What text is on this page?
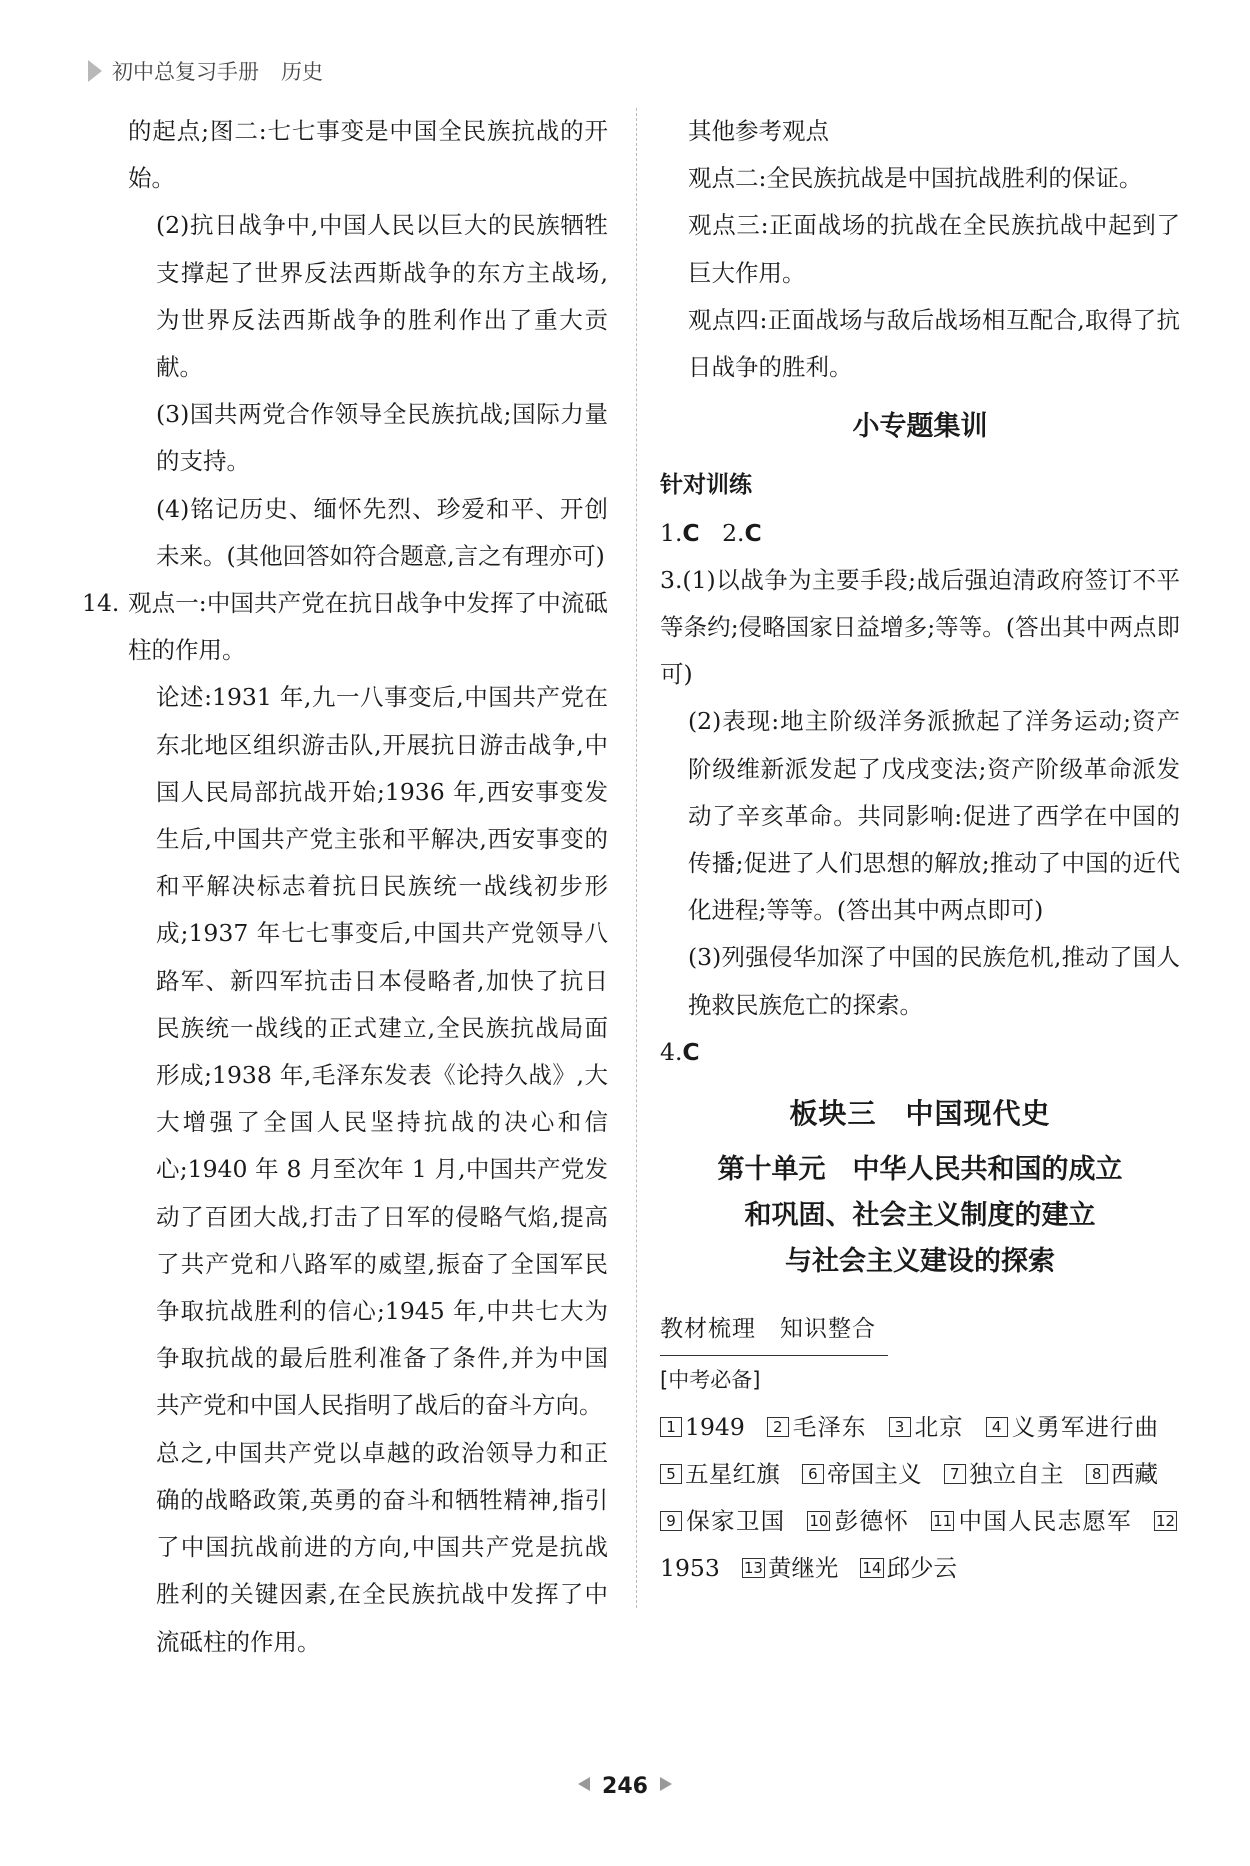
初中总复习手册 历史

的起点;图二:七七事变是中国全民族抗战的开始。

(2)抗日战争中,中国人民以巨大的民族牺牲支撑起了世界反法西斯战争的东方主战场,为世界反法西斯战争的胜利作出了重大贡献。

(3)国共两党合作领导全民族抗战;国际力量的支持。

(4)铭记历史、缅怀先烈、珍爱和平、开创未来。(其他回答如符合题意,言之有理亦可)

14. 观点一:中国共产党在抗日战争中发挥了中流砥柱的作用。

论述:1931 年,九一八事变后,中国共产党在东北地区组织游击队,开展抗日游击战争,中国人民局部抗战开始;1936 年,西安事变发生后,中国共产党主张和平解决,西安事变的和平解决标志着抗日民族统一战线初步形成;1937 年七七事变后,中国共产党领导八路军、新四军抗击日本侵略者,加快了抗日民族统一战线的正式建立,全民族抗战局面形成;1938 年,毛泽东发表《论持久战》,大大增强了全国人民坚持抗战的决心和信心;1940 年 8 月至次年 1 月,中国共产党发动了百团大战,打击了日军的侵略气焰,提高了共产党和八路军的威望,振奋了全国军民争取抗战胜利的信心;1945 年,中共七大为争取抗战的最后胜利准备了条件,并为中国共产党和中国人民指明了战后的奋斗方向。

总之,中国共产党以卓越的政治领导力和正确的战略政策,英勇的奋斗和牺牲精神,指引了中国抗战前进的方向,中国共产党是抗战胜利的关键因素,在全民族抗战中发挥了中流砥柱的作用。

其他参考观点

观点二:全民族抗战是中国抗战胜利的保证。

观点三:正面战场的抗战在全民族抗战中起到了巨大作用。

观点四:正面战场与敌后战场相互配合,取得了抗日战争的胜利。

小专题集训

针对训练

1.C 2.C

3.(1)以战争为主要手段;战后强迫清政府签订不平等条约;侵略国家日益增多;等等。(答出其中两点即可)

(2)表现:地主阶级洋务派掀起了洋务运动;资产阶级维新派发起了戊戌变法;资产阶级革命派发动了辛亥革命。共同影响:促进了西学在中国的传播;促进了人们思想的解放;推动了中国的近代化进程;等等。(答出其中两点即可)

(3)列强侵华加深了中国的民族危机,推动了国人挽救民族危亡的探索。

4.C

板块三　中国现代史
第十单元　中华人民共和国的成立
和巩固、社会主义制度的建立
与社会主义建设的探索
教材梳理　知识整合
[中考必备]

1 1949 2 毛泽东 3 北京 4 义勇军进行曲5 五星红旗 6 帝国主义 7 独立自主 8 西藏9 保家卫国 10 彭德怀 11 中国人民志愿军 121953 13 黄继光 14 邱少云

246
